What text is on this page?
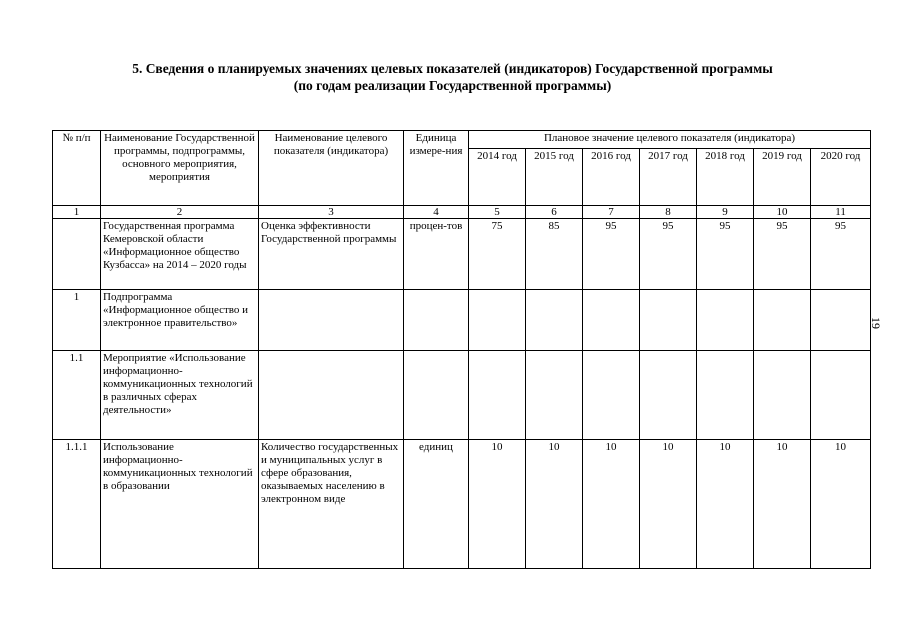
5. Сведения о планируемых значениях целевых показателей (индикаторов) Государственной программы
(по годам реализации Государственной программы)
19
№ п/п	Наименование Государственной программы, подпрограммы, основного мероприятия, мероприятия	Наименование целевого показателя (индикатора)	Единица измере-ния	Плановое значение целевого показателя (индикатора)						
				2014 год	2015 год	2016 год	2017 год	2018 год	2019 год	2020 год
1	2	3	4	5	6	7	8	9	10	11
	Государственная программа Кемеровской области «Информационное общество Кузбасса» на 2014 – 2020 годы	Оценка эффективности Государственной программы	процен-тов	75	85	95	95	95	95	95
1	Подпрограмма «Информационное общество и электронное правительство»									
1.1	Мероприятие «Использование информационно-коммуникационных технологий в различных сферах деятельности»									
1.1.1	Использование информационно-коммуникационных технологий в образовании	Количество государственных и муниципальных услуг в сфере образования, оказываемых населению в электронном виде	единиц	10	10	10	10	10	10	10
